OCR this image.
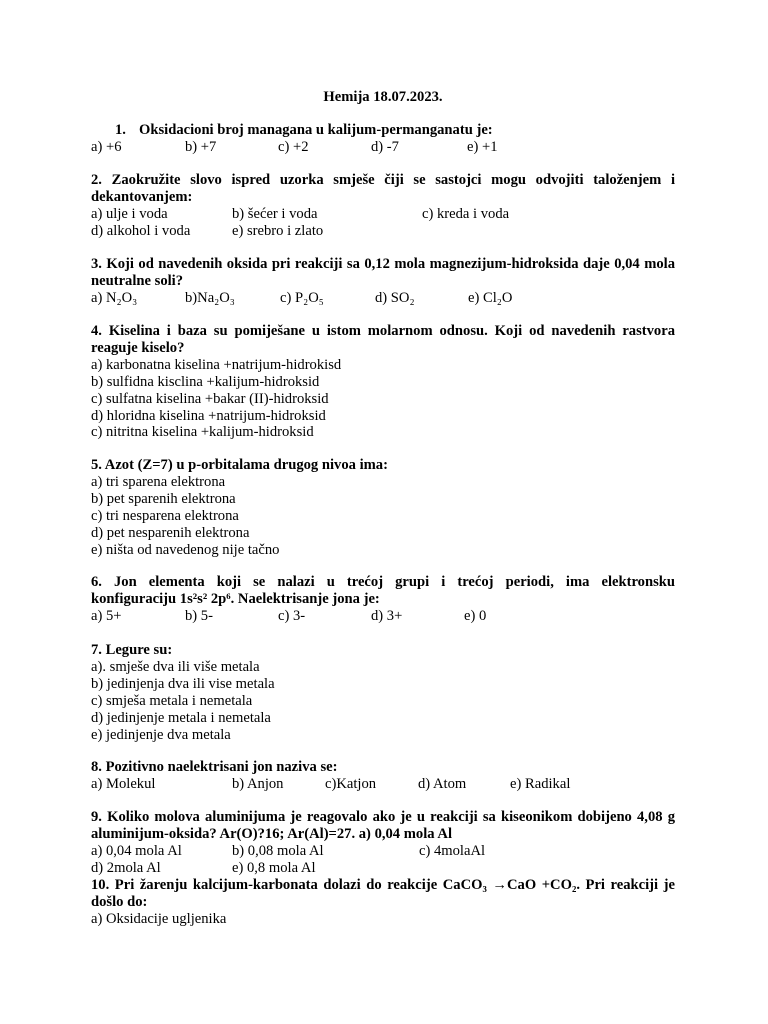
Hemija 18.07.2023.
1. Oksidacioni broj managana u kalijum-permanganatu je:
a) +6	b) +7	c) +2	d) -7	e) +1
2. Zaokružite slovo ispred uzorka smješe čiji se sastojci mogu odvojiti taloženjem i dekantovanjem:
a) ulje i voda	b) šećer i voda	c) kreda i voda
d) alkohol i voda	e) srebro i zlato
3. Koji od navedenih oksida pri reakciji sa 0,12 mola magnezijum-hidroksida daje 0,04 mola neutralne soli?
a) N₂O₃	b)Na₂O₃	c) P₂O₅	d) SO₂	e) Cl₂O
4. Kiselina i baza su pomiješane u istom molarnom odnosu. Koji od navedenih rastvora reaguje kiselo?
a) karbonatna kiselina +natrijum-hidrokisd
b) sulfidna kisclina +kalijum-hidroksid
c) sulfatna kiselina +bakar (II)-hidroksid
d) hloridna kiselina +natrijum-hidroksid
c) nitritna kiselina +kalijum-hidroksid
5. Azot (Z=7) u p-orbitalama drugog nivoa ima:
a) tri sparena elektrona
b) pet sparenih elektrona
c) tri nesparena elektrona
d) pet nesparenih elektrona
e) ništa od navedenog nije tačno
6. Jon elementa koji se nalazi u trećoj grupi i trećoj periodi, ima elektronsku
konfiguraciju 1s²s² 2p⁶. Naelektrisanje jona je:
a) 5+	b) 5-	c) 3-	d) 3+	e) 0
7. Legure su:
a). smješe dva ili više metala
b) jedinjenja dva ili vise metala
c) smješa metala i nemetala
d) jedinjenje metala i nemetala
e) jedinjenje dva metala
8. Pozitivno naelektrisani jon naziva se:
a) Molekul	b) Anjon	c)Katjon	d) Atom	e) Radikal
9. Koliko molova aluminijuma je reagovalo ako je u reakciji sa kiseonikom dobijeno 4,08 g aluminijum-oksida? Ar(O)?16; Ar(Al)=27. a) 0,04 mola Al
a) 0,04 mola Al	b) 0,08 mola Al	c) 4molaAl
d) 2mola Al	e) 0,8 mola Al
10. Pri žarenju kalcijum-karbonata dolazi do reakcije CaCO₃ →CaO +CO₂. Pri reakciji je došlo do:
a) Oksidacije ugljenika
